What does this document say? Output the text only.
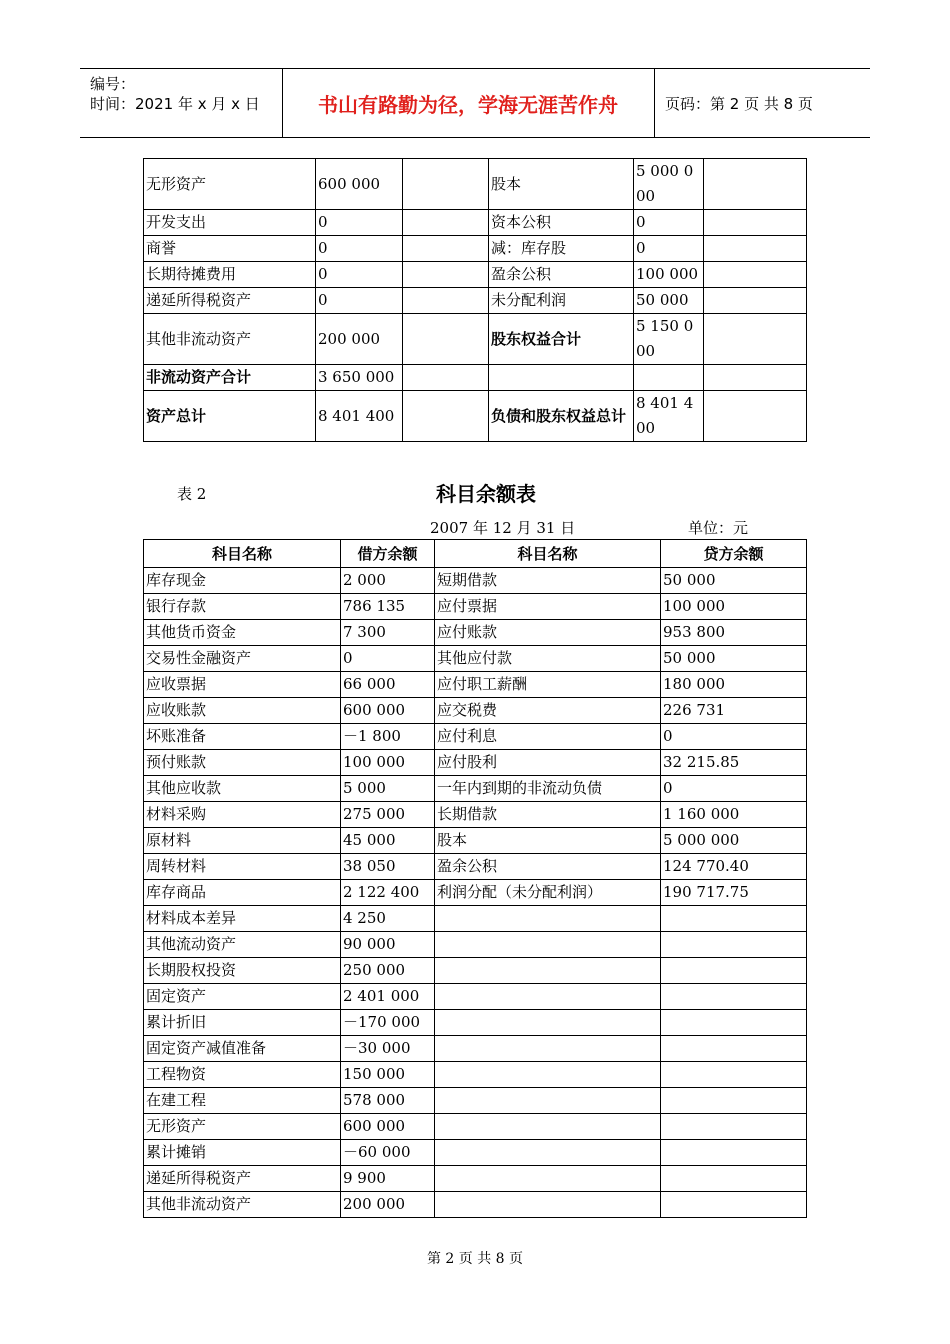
编号：
时间：2021 年 x 月 x 日	书山有路勤为径，学海无涯苦作舟	页码：第 2 页 共 8 页
无形资产	600 000		股本	5 000 000	
开发支出	0		资本公积	0	
商誉	0		减：库存股	0	
长期待摊费用	0		盈余公积	100 000	
递延所得税资产	0		未分配利润	50 000	
其他非流动资产	200 000		股东权益合计	5 150 000	
非流动资产合计	3 650 000				
资产总计	8 401 400		负债和股东权益总计	8 401 400	
表 2	科目余额表
2007 年 12 月 31 日	单位：元
科目名称	借方余额	科目名称	贷方余额
库存现金	2 000	短期借款	50 000
银行存款	786 135	应付票据	100 000
其他货币资金	7 300	应付账款	953 800
交易性金融资产	0	其他应付款	50 000
应收票据	66 000	应付职工薪酬	180 000
应收账款	600 000	应交税费	226 731
坏账准备	－1 800	应付利息	0
预付账款	100 000	应付股利	32 215.85
其他应收款	5 000	一年内到期的非流动负债	0
材料采购	275 000	长期借款	1 160 000
原材料	45 000	股本	5 000 000
周转材料	38 050	盈余公积	124 770.40
库存商品	2 122 400	利润分配（未分配利润）	190 717.75
材料成本差异	4 250		
其他流动资产	90 000		
长期股权投资	250 000		
固定资产	2 401 000		
累计折旧	－170 000		
固定资产减值准备	－30 000		
工程物资	150 000		
在建工程	578 000		
无形资产	600 000		
累计摊销	－60 000		
递延所得税资产	9 900		
其他非流动资产	200 000		
第 2 页 共 8 页
